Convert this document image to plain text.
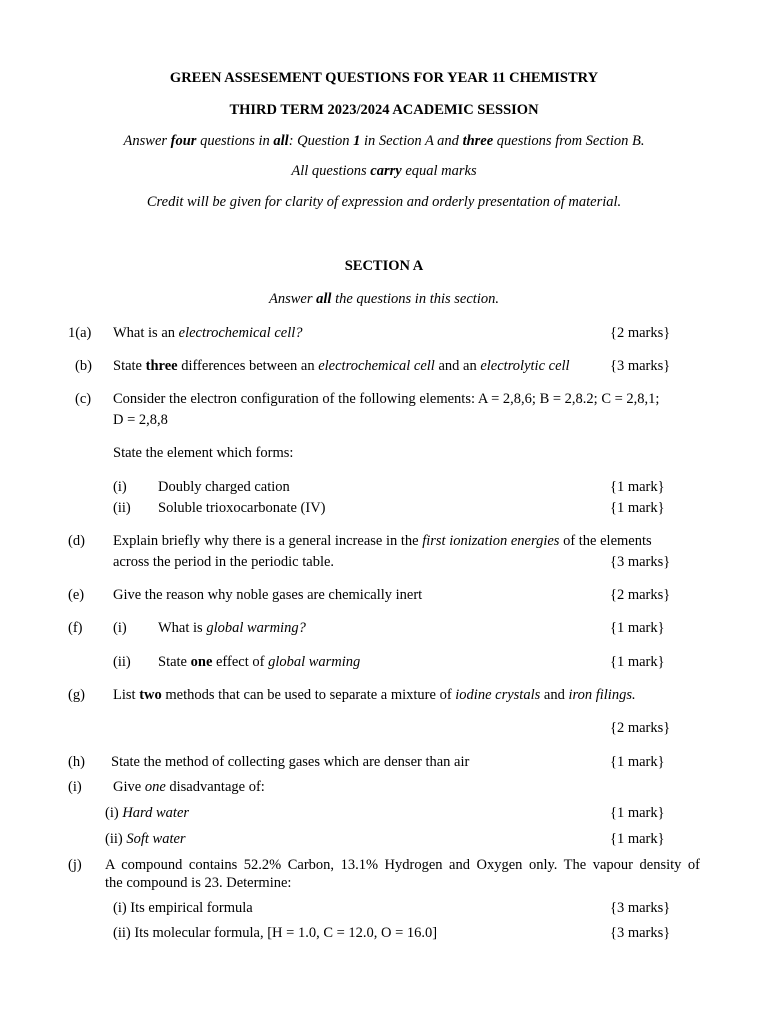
GREEN ASSESEMENT QUESTIONS FOR YEAR 11 CHEMISTRY
THIRD TERM 2023/2024 ACADEMIC SESSION
Answer four questions in all: Question 1 in Section A and three questions from Section B.
All questions carry equal marks
Credit will be given for clarity of expression and orderly presentation of material.
SECTION A
Answer all the questions in this section.
1(a) What is an electrochemical cell?	{2 marks}
(b) State three differences between an electrochemical cell and an electrolytic cell	{3 marks}
(c) Consider the electron configuration of the following elements: A = 2,8,6; B = 2,8.2; C = 2,8,1;
D = 2,8,8
State the element which forms:
(i) Doubly charged cation	{1 mark}
(ii) Soluble trioxocarbonate (IV)	{1 mark}
(d) Explain briefly why there is a general increase in the first ionization energies of the elements
across the period in the periodic table.	{3 marks}
(e) Give the reason why noble gases are chemically inert	{2 marks}
(f) (i) What is global warming?	{1 mark}
(ii) State one effect of global warming	{1 mark}
(g) List two methods that can be used to separate a mixture of iodine crystals and iron filings.
{2 marks}
(h) State the method of collecting gases which are denser than air	{1 mark}
(i) Give one disadvantage of:
(i) Hard water	{1 mark}
(ii) Soft water	{1 mark}
(j) A compound contains 52.2% Carbon, 13.1% Hydrogen and Oxygen only. The vapour density of
the compound is 23. Determine:
(i) Its empirical formula	{3 marks}
(ii) Its molecular formula, [H = 1.0, C = 12.0, O = 16.0]	{3 marks}
